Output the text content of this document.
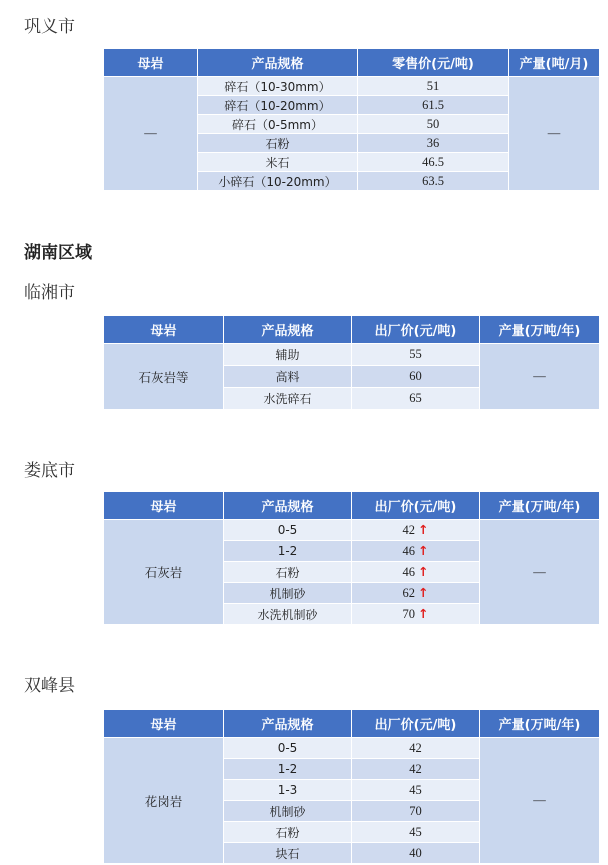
巩义市
母岩	产品规格	零售价(元/吨)	产量(吨/月)
—	碎石（10-30mm）	51	—
	碎石（10-20mm）	61.5	
	碎石（0-5mm）	50	
	石粉	36	
	米石	46.5	
	小碎石（10-20mm）	63.5	
湖南区域
临湘市
母岩	产品规格	出厂价(元/吨)	产量(万吨/年)
石灰岩等	辅助	55	—
	高料	60	
	水洗碎石	65	
娄底市
母岩	产品规格	出厂价(元/吨)	产量(万吨/年)
石灰岩	0-5	42 ↑	—
	1-2	46 ↑	
	石粉	46 ↑	
	机制砂	62 ↑	
	水洗机制砂	70 ↑	
双峰县
母岩	产品规格	出厂价(元/吨)	产量(万吨/年)
花岗岩	0-5	42	—
	1-2	42	
	1-3	45	
	机制砂	70	
	石粉	45	
	块石	40	
